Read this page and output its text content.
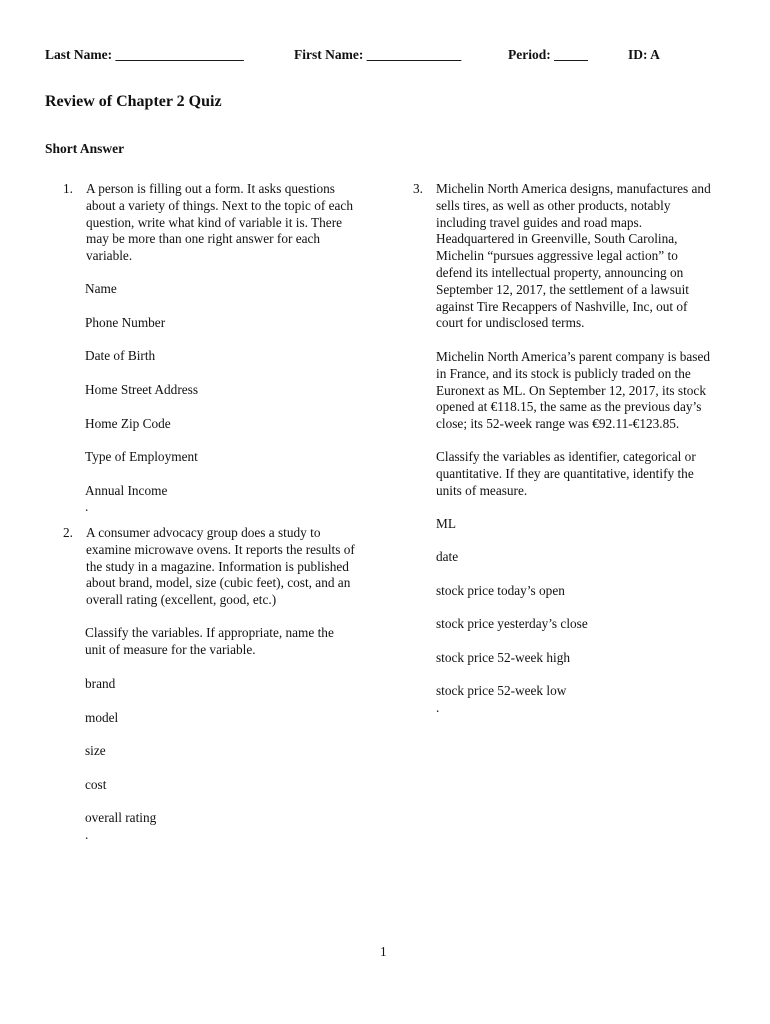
Last Name: ___________________	First Name: ______________	Period: _____	ID: A
Review of Chapter 2 Quiz
Short Answer
1. A person is filling out a form. It asks questions

about a variety of things. Next to the topic of each

question, write what kind of variable it is. There

may be more than one right answer for each

variable.

Name
Phone Number
Date of Birth
Home Street Address
Home Zip Code
Type of Employment
Annual Income
.
2. A consumer advocacy group does a study to

examine microwave ovens. It reports the results of

the study in a magazine. Information is published

about brand, model, size (cubic feet), cost, and an

overall rating (excellent, good, etc.)

Classify the variables. If appropriate, name the

unit of measure for the variable.

brand
model
size
cost
overall rating
.
3. Michelin North America designs, manufactures and

sells tires, as well as other products, notably

including travel guides and road maps.

Headquartered in Greenville, South Carolina,

Michelin “pursues aggressive legal action” to

defend its intellectual property, announcing on

September 12, 2017, the settlement of a lawsuit

against Tire Recappers of Nashville, Inc, out of

court for undisclosed terms.

Michelin North America’s parent company is based

in France, and its stock is publicly traded on the

Euronext as ML. On September 12, 2017, its stock

opened at €118.15, the same as the previous day’s

close; its 52-week range was €92.11-€123.85.

Classify the variables as identifier, categorical or

quantitative. If they are quantitative, identify the

units of measure.

ML
date
stock price today’s open
stock price yesterday’s close
stock price 52-week high
stock price 52-week low
.
1
